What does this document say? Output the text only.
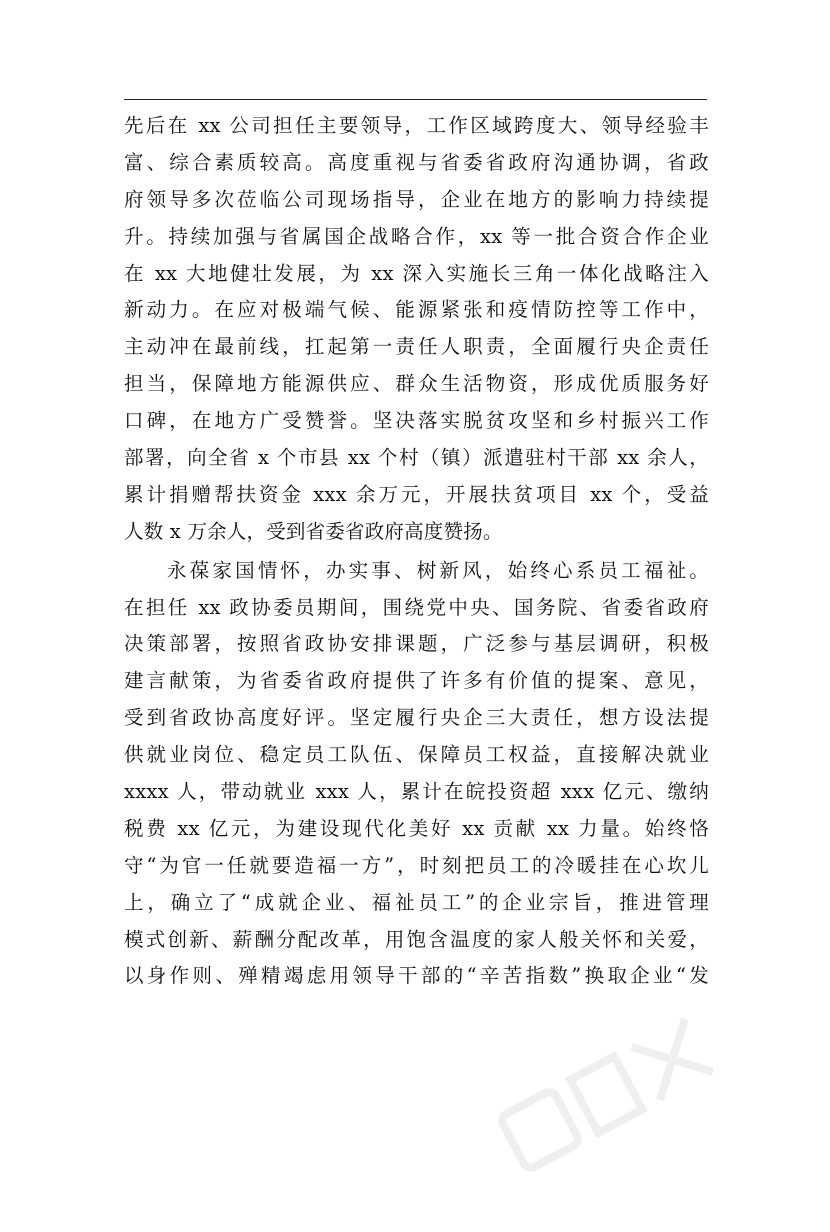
先后在 xx 公司担任主要领导，工作区域跨度大、领导经验丰
富、综合素质较高。高度重视与省委省政府沟通协调，省政
府领导多次莅临公司现场指导，企业在地方的影响力持续提
升。持续加强与省属国企战略合作，xx 等一批合资合作企业
在 xx 大地健壮发展，为 xx 深入实施长三角一体化战略注入
新动力。在应对极端气候、能源紧张和疫情防控等工作中，
主动冲在最前线，扛起第一责任人职责，全面履行央企责任
担当，保障地方能源供应、群众生活物资，形成优质服务好
口碑，在地方广受赞誉。坚决落实脱贫攻坚和乡村振兴工作
部署，向全省 x 个市县 xx 个村（镇）派遣驻村干部 xx 余人，
累计捐赠帮扶资金 xxx 余万元，开展扶贫项目 xx 个，受益
人数 x 万余人，受到省委省政府高度赞扬。
永葆家国情怀，办实事、树新风，始终心系员工福祉。
在担任 xx 政协委员期间，围绕党中央、国务院、省委省政府
决策部署，按照省政协安排课题，广泛参与基层调研，积极
建言献策，为省委省政府提供了许多有价值的提案、意见，
受到省政协高度好评。坚定履行央企三大责任，想方设法提
供就业岗位、稳定员工队伍、保障员工权益，直接解决就业
xxxx 人，带动就业 xxx 人，累计在皖投资超 xxx 亿元、缴纳
税费 xx 亿元，为建设现代化美好 xx 贡献 xx 力量。始终恪
守“为官一任就要造福一方”，时刻把员工的冷暖挂在心坎儿
上，确立了“成就企业、福祉员工”的企业宗旨，推进管理
模式创新、薪酬分配改革，用饱含温度的家人般关怀和关爱，
以身作则、殚精竭虑用领导干部的“辛苦指数”换取企业“发
